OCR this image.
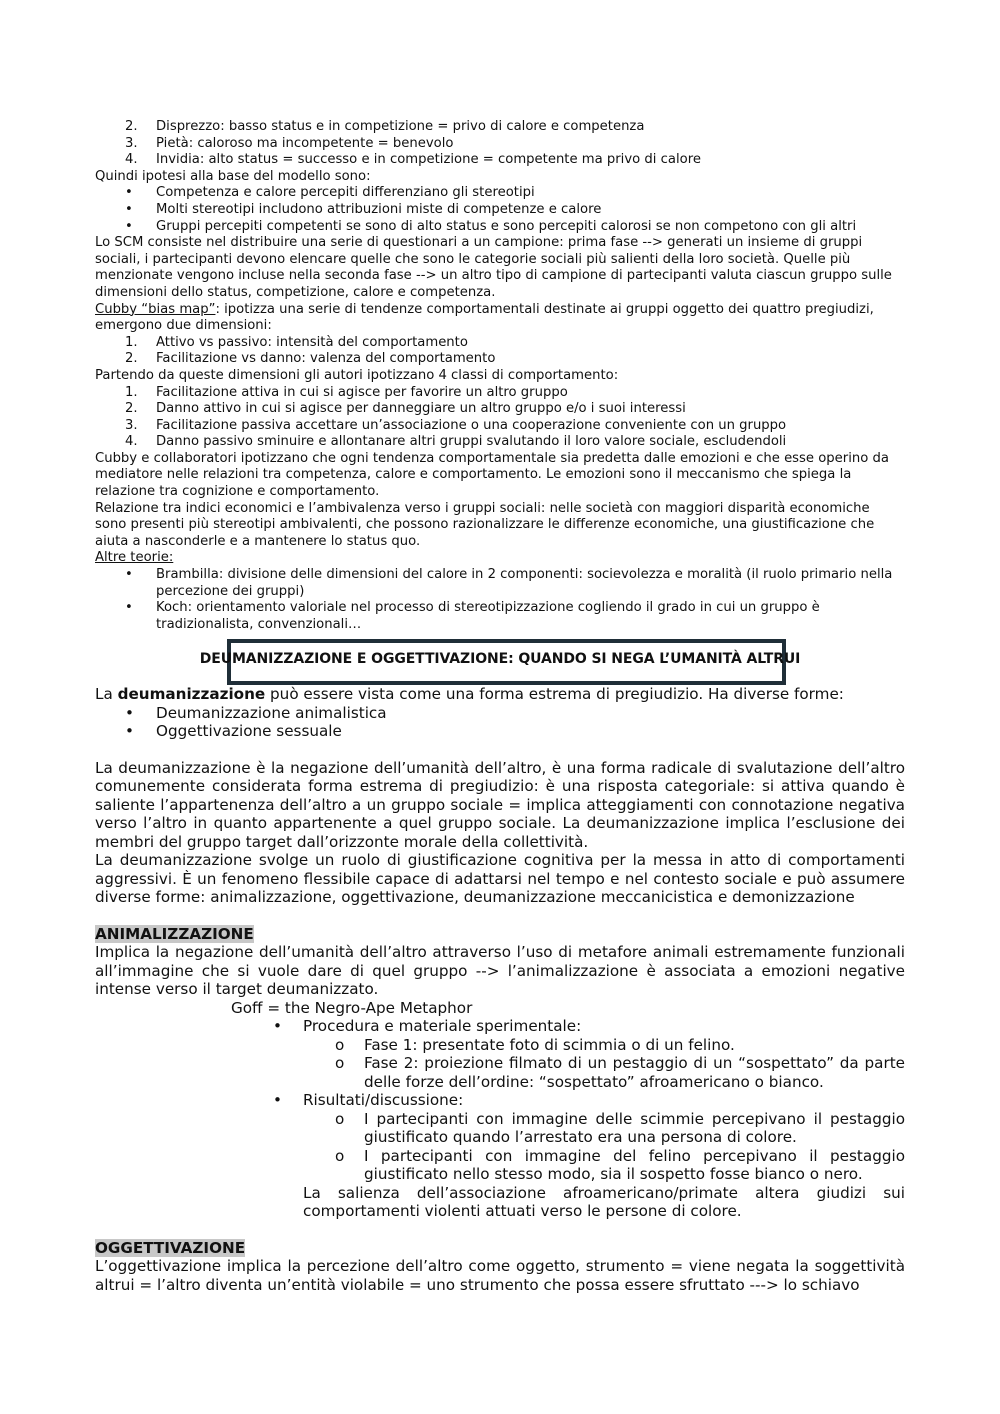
2. Disprezzo: basso status e in competizione = privo di calore e competenza
3. Pietà: caloroso ma incompetente = benevolo
4. Invidia: alto status = successo e in competizione = competente ma privo di calore

Quindi ipotesi alla base del modello sono:

• Competenza e calore percepiti differenziano gli stereotipi
• Molti stereotipi includono attribuzioni miste di competenze e calore
• Gruppi percepiti competenti se sono di alto status e sono percepiti calorosi se non competono con gli altri

Lo SCM consiste nel distribuire una serie di questionari a un campione: prima fase --> generati un insieme di gruppi sociali, i partecipanti devono elencare quelle che sono le categorie sociali più salienti della loro società. Quelle più menzionate vengono incluse nella seconda fase --> un altro tipo di campione di partecipanti valuta ciascun gruppo sulle dimensioni dello status, competizione, calore e competenza.

Cubby “bias map”: ipotizza una serie di tendenze comportamentali destinate ai gruppi oggetto dei quattro pregiudizi, emergono due dimensioni:

1. Attivo vs passivo: intensità del comportamento
2. Facilitazione vs danno: valenza del comportamento

Partendo da queste dimensioni gli autori ipotizzano 4 classi di comportamento:

1. Facilitazione attiva in cui si agisce per favorire un altro gruppo
2. Danno attivo in cui si agisce per danneggiare un altro gruppo e/o i suoi interessi
3. Facilitazione passiva accettare un’associazione o una cooperazione conveniente con un gruppo
4. Danno passivo sminuire e allontanare altri gruppi svalutando il loro valore sociale, escludendoli

Cubby e collaboratori ipotizzano che ogni tendenza comportamentale sia predetta dalle emozioni e che esse operino da mediatore nelle relazioni tra competenza, calore e comportamento. Le emozioni sono il meccanismo che spiega la relazione tra cognizione e comportamento.

Relazione tra indici economici e l’ambivalenza verso i gruppi sociali: nelle società con maggiori disparità economiche sono presenti più stereotipi ambivalenti, che possono razionalizzare le differenze economiche, una giustificazione che aiuta a nasconderle e a mantenere lo status quo.

Altre teorie:

• Brambilla: divisione delle dimensioni del calore in 2 componenti: socievolezza e moralità (il ruolo primario nella percezione dei gruppi)
• Koch: orientamento valoriale nel processo di stereotipizzazione cogliendo il grado in cui un gruppo è tradizionalista, convenzionali…
DEUMANIZZAZIONE E OGGETTIVAZIONE: QUANDO SI NEGA L’UMANITÀ ALTRUI

La deumanizzazione può essere vista come una forma estrema di pregiudizio. Ha diverse forme:

• Deumanizzazione animalistica
• Oggettivazione sessuale

La deumanizzazione è la negazione dell’umanità dell’altro, è una forma radicale di svalutazione dell’altro comunemente considerata forma estrema di pregiudizio: è una risposta categoriale: si attiva quando è saliente l’appartenenza dell’altro a un gruppo sociale = implica atteggiamenti con connotazione negativa verso l’altro in quanto appartenente a quel gruppo sociale. La deumanizzazione implica l’esclusione dei membri del gruppo target dall’orizzonte morale della collettività.

La deumanizzazione svolge un ruolo di giustificazione cognitiva per la messa in atto di comportamenti aggressivi. È un fenomeno flessibile capace di adattarsi nel tempo e nel contesto sociale e può assumere diverse forme: animalizzazione, oggettivazione, deumanizzazione meccanicistica e demonizzazione

ANIMALIZZAZIONE

Implica la negazione dell’umanità dell’altro attraverso l’uso di metafore animali estremamente funzionali all’immagine che si vuole dare di quel gruppo --> l’animalizzazione è associata a emozioni negative intense verso il target deumanizzato.

Goff = the Negro-Ape Metaphor

• Procedura e materiale sperimentale:
o Fase 1: presentate foto di scimmia o di un felino.
o Fase 2: proiezione filmato di un pestaggio di un “sospettato” da parte delle forze dell’ordine: “sospettato” afroamericano o bianco.
• Risultati/discussione:
o I partecipanti con immagine delle scimmie percepivano il pestaggio giustificato quando l’arrestato era una persona di colore.
o I partecipanti con immagine del felino percepivano il pestaggio giustificato nello stesso modo, sia il sospetto fosse bianco o nero.

La salienza dell’associazione afroamericano/primate altera giudizi sui comportamenti violenti attuati verso le persone di colore.

OGGETTIVAZIONE

L’oggettivazione implica la percezione dell’altro come oggetto, strumento = viene negata la soggettività altrui = l’altro diventa un’entità violabile = uno strumento che possa essere sfruttato ---> lo schiavo
